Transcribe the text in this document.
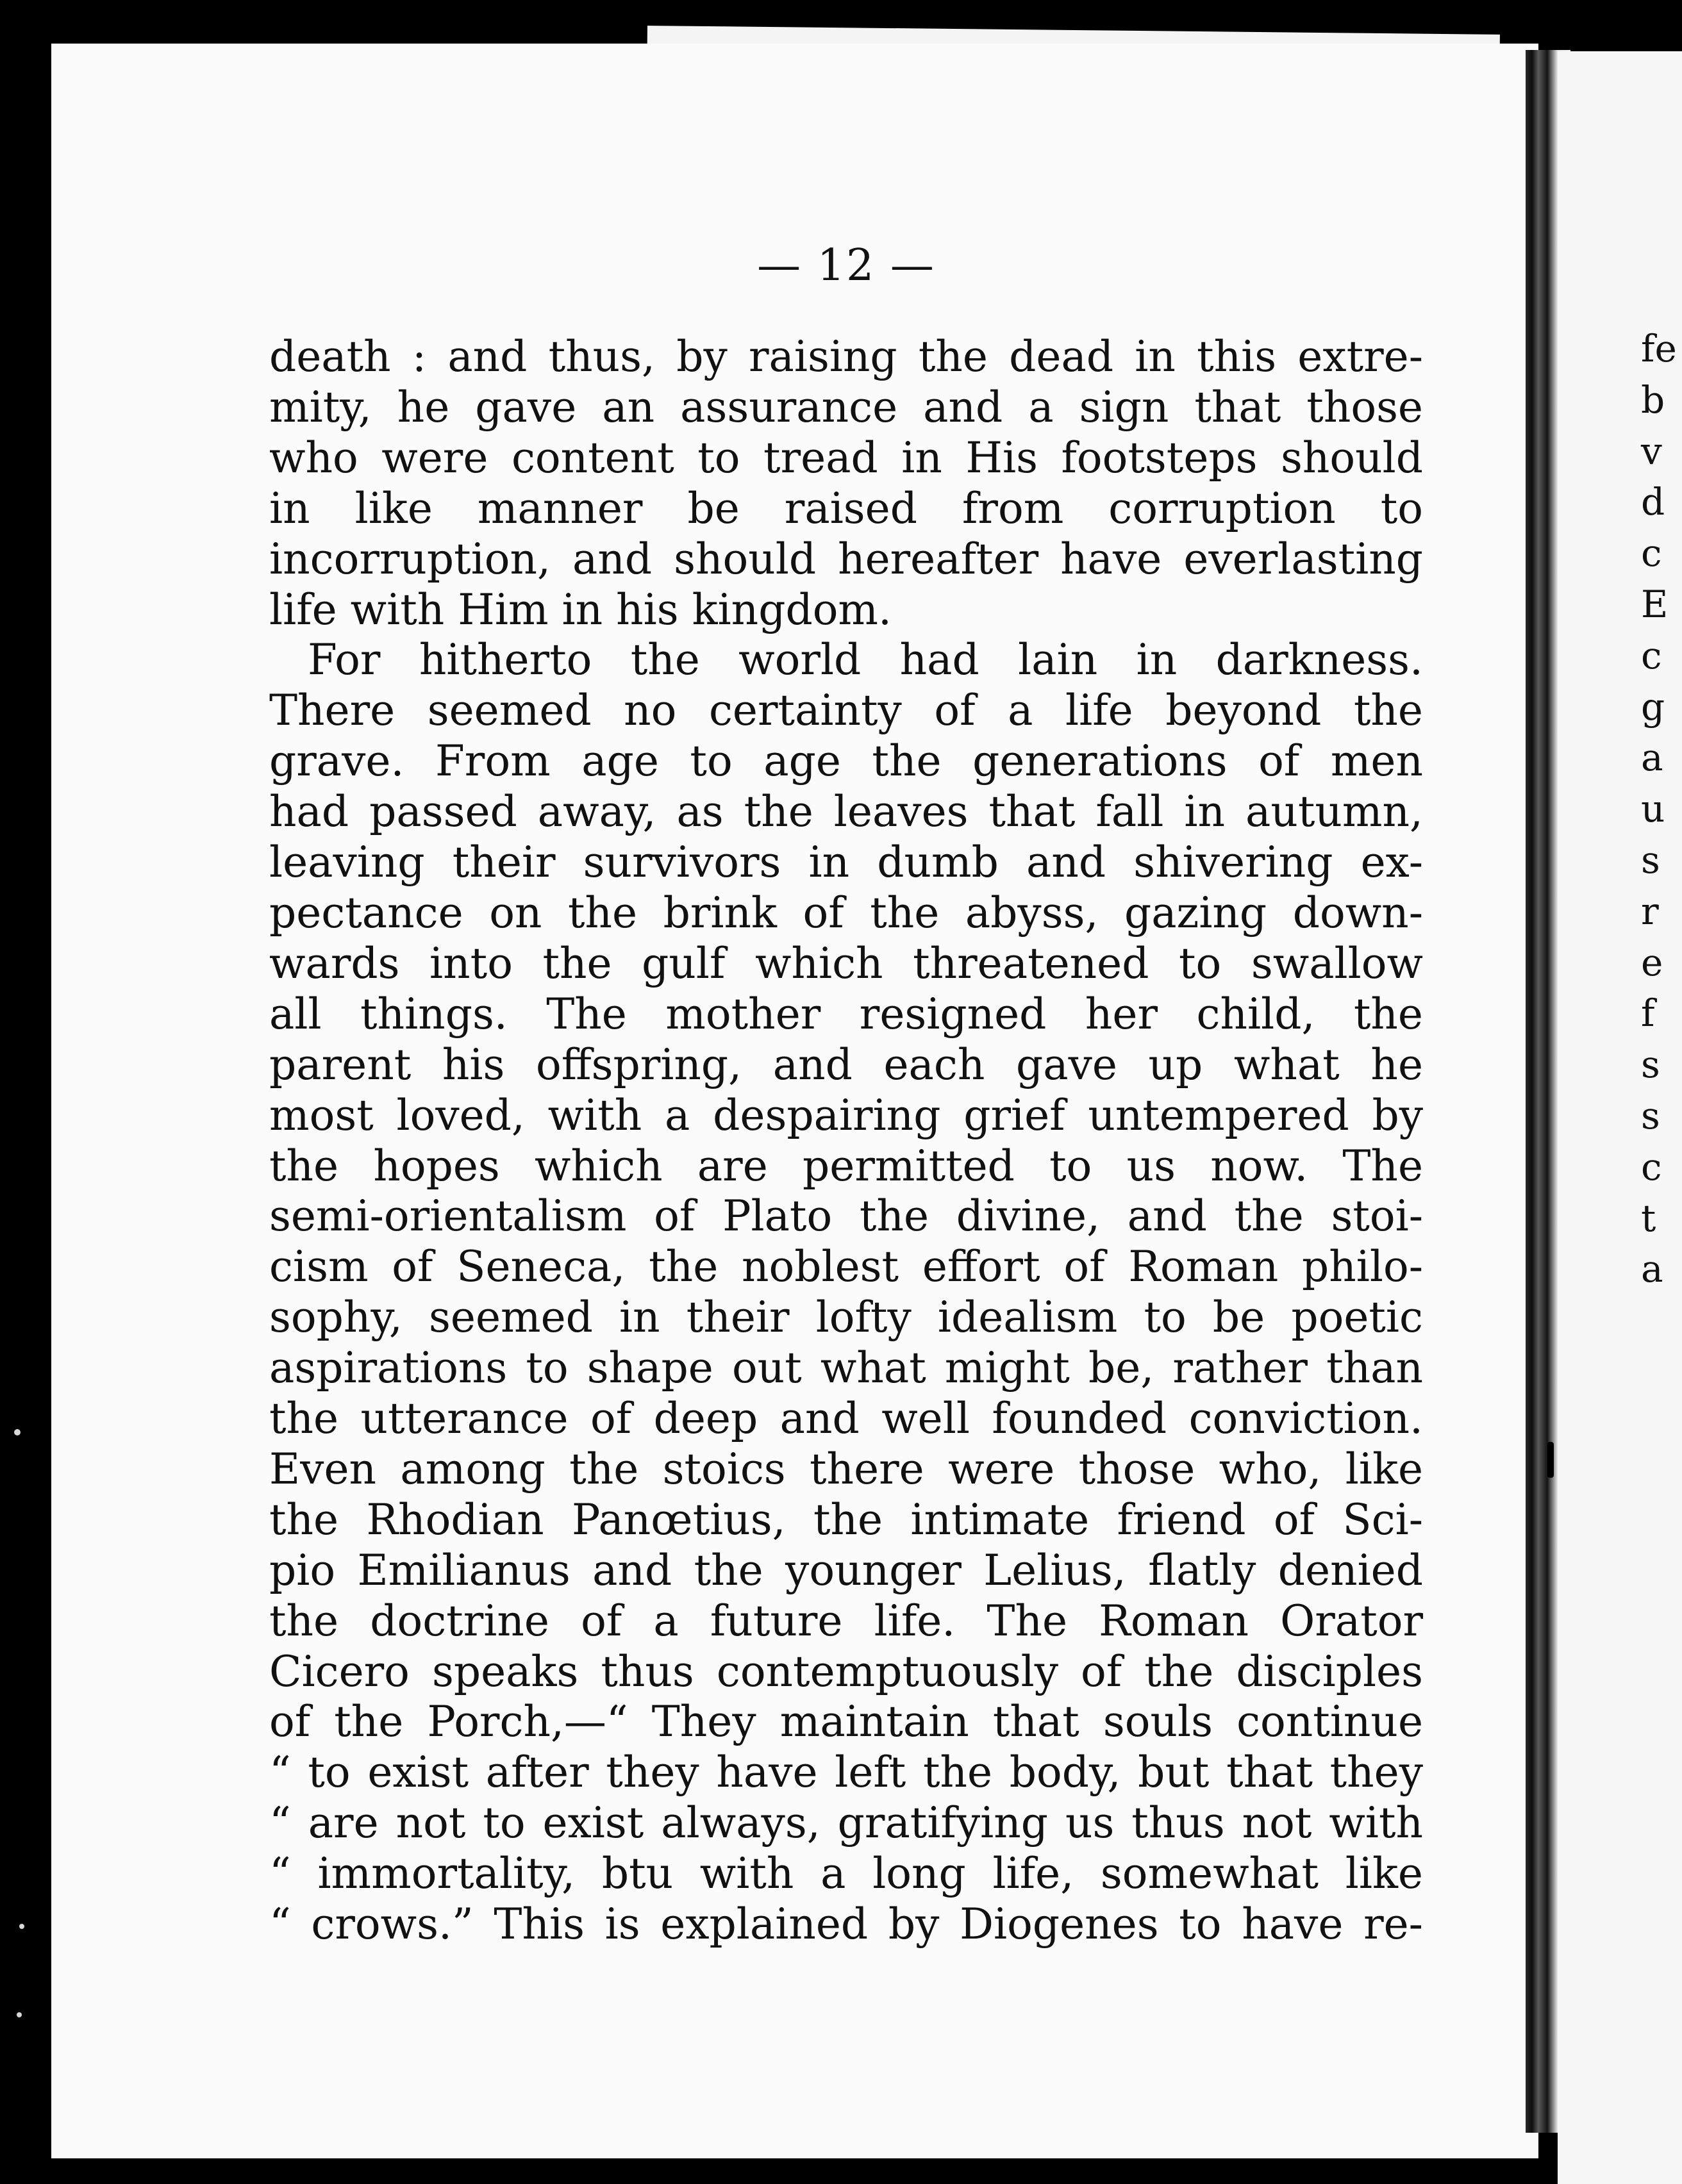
— 12 —

death : and thus, by raising the dead in this extre-
mity, he gave an assurance and a sign that those
who were content to tread in His footsteps should
in like manner be raised from corruption to
incorruption, and should hereafter have everlasting
life with Him in his kingdom.
For hitherto the world had lain in darkness.
There seemed no certainty of a life beyond the
grave. From age to age the generations of men
had passed away, as the leaves that fall in autumn,
leaving their survivors in dumb and shivering ex-
pectance on the brink of the abyss, gazing down-
wards into the gulf which threatened to swallow
all things. The mother resigned her child, the
parent his offspring, and each gave up what he
most loved, with a despairing grief untempered by
the hopes which are permitted to us now. The
semi-orientalism of Plato the divine, and the stoi-
cism of Seneca, the noblest effort of Roman philo-
sophy, seemed in their lofty idealism to be poetic
aspirations to shape out what might be, rather than
the utterance of deep and well founded conviction.
Even among the stoics there were those who, like
the Rhodian Panœtius, the intimate friend of Sci-
pio Emilianus and the younger Lelius, flatly denied
the doctrine of a future life. The Roman Orator
Cicero speaks thus contemptuously of the disciples
of the Porch,—“ They maintain that souls continue
“ to exist after they have left the body, but that they
“ are not to exist always, gratifying us thus not with
“ immortality, btu with a long life, somewhat like
“ crows.” This is explained by Diogenes to have re-
fe
b
v
d
c
E
c
g
a
u
s
r
e
f
s
s
c
t
a
